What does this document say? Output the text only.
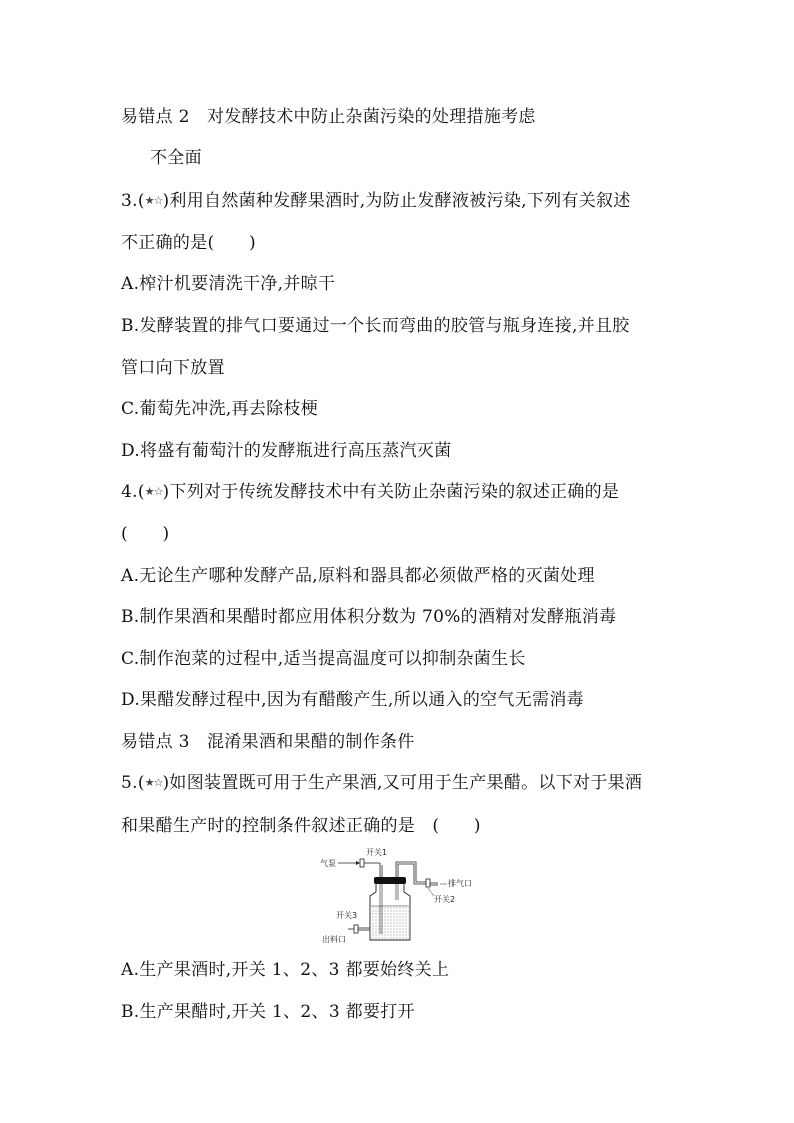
易错点 2　对发酵技术中防止杂菌污染的处理措施考虑
不全面
3.(★☆)利用自然菌种发酵果酒时,为防止发酵液被污染,下列有关叙述
不正确的是(　　)
A.榨汁机要清洗干净,并晾干
B.发酵装置的排气口要通过一个长而弯曲的胶管与瓶身连接,并且胶
管口向下放置
C.葡萄先冲洗,再去除枝梗
D.将盛有葡萄汁的发酵瓶进行高压蒸汽灭菌
4.(★☆)下列对于传统发酵技术中有关防止杂菌污染的叙述正确的是
(　　)
A.无论生产哪种发酵产品,原料和器具都必须做严格的灭菌处理
B.制作果酒和果醋时都应用体积分数为 70%的酒精对发酵瓶消毒
C.制作泡菜的过程中,适当提高温度可以抑制杂菌生长
D.果醋发酵过程中,因为有醋酸产生,所以通入的空气无需消毒
易错点 3　混淆果酒和果醋的制作条件
5.(★☆)如图装置既可用于生产果酒,又可用于生产果醋。以下对于果酒
和果醋生产时的控制条件叙述正确的是　(　　)
气泵
开关1
排气口
开关2
开关3
出料口
A.生产果酒时,开关 1、2、3 都要始终关上
B.生产果醋时,开关 1、2、3 都要打开
